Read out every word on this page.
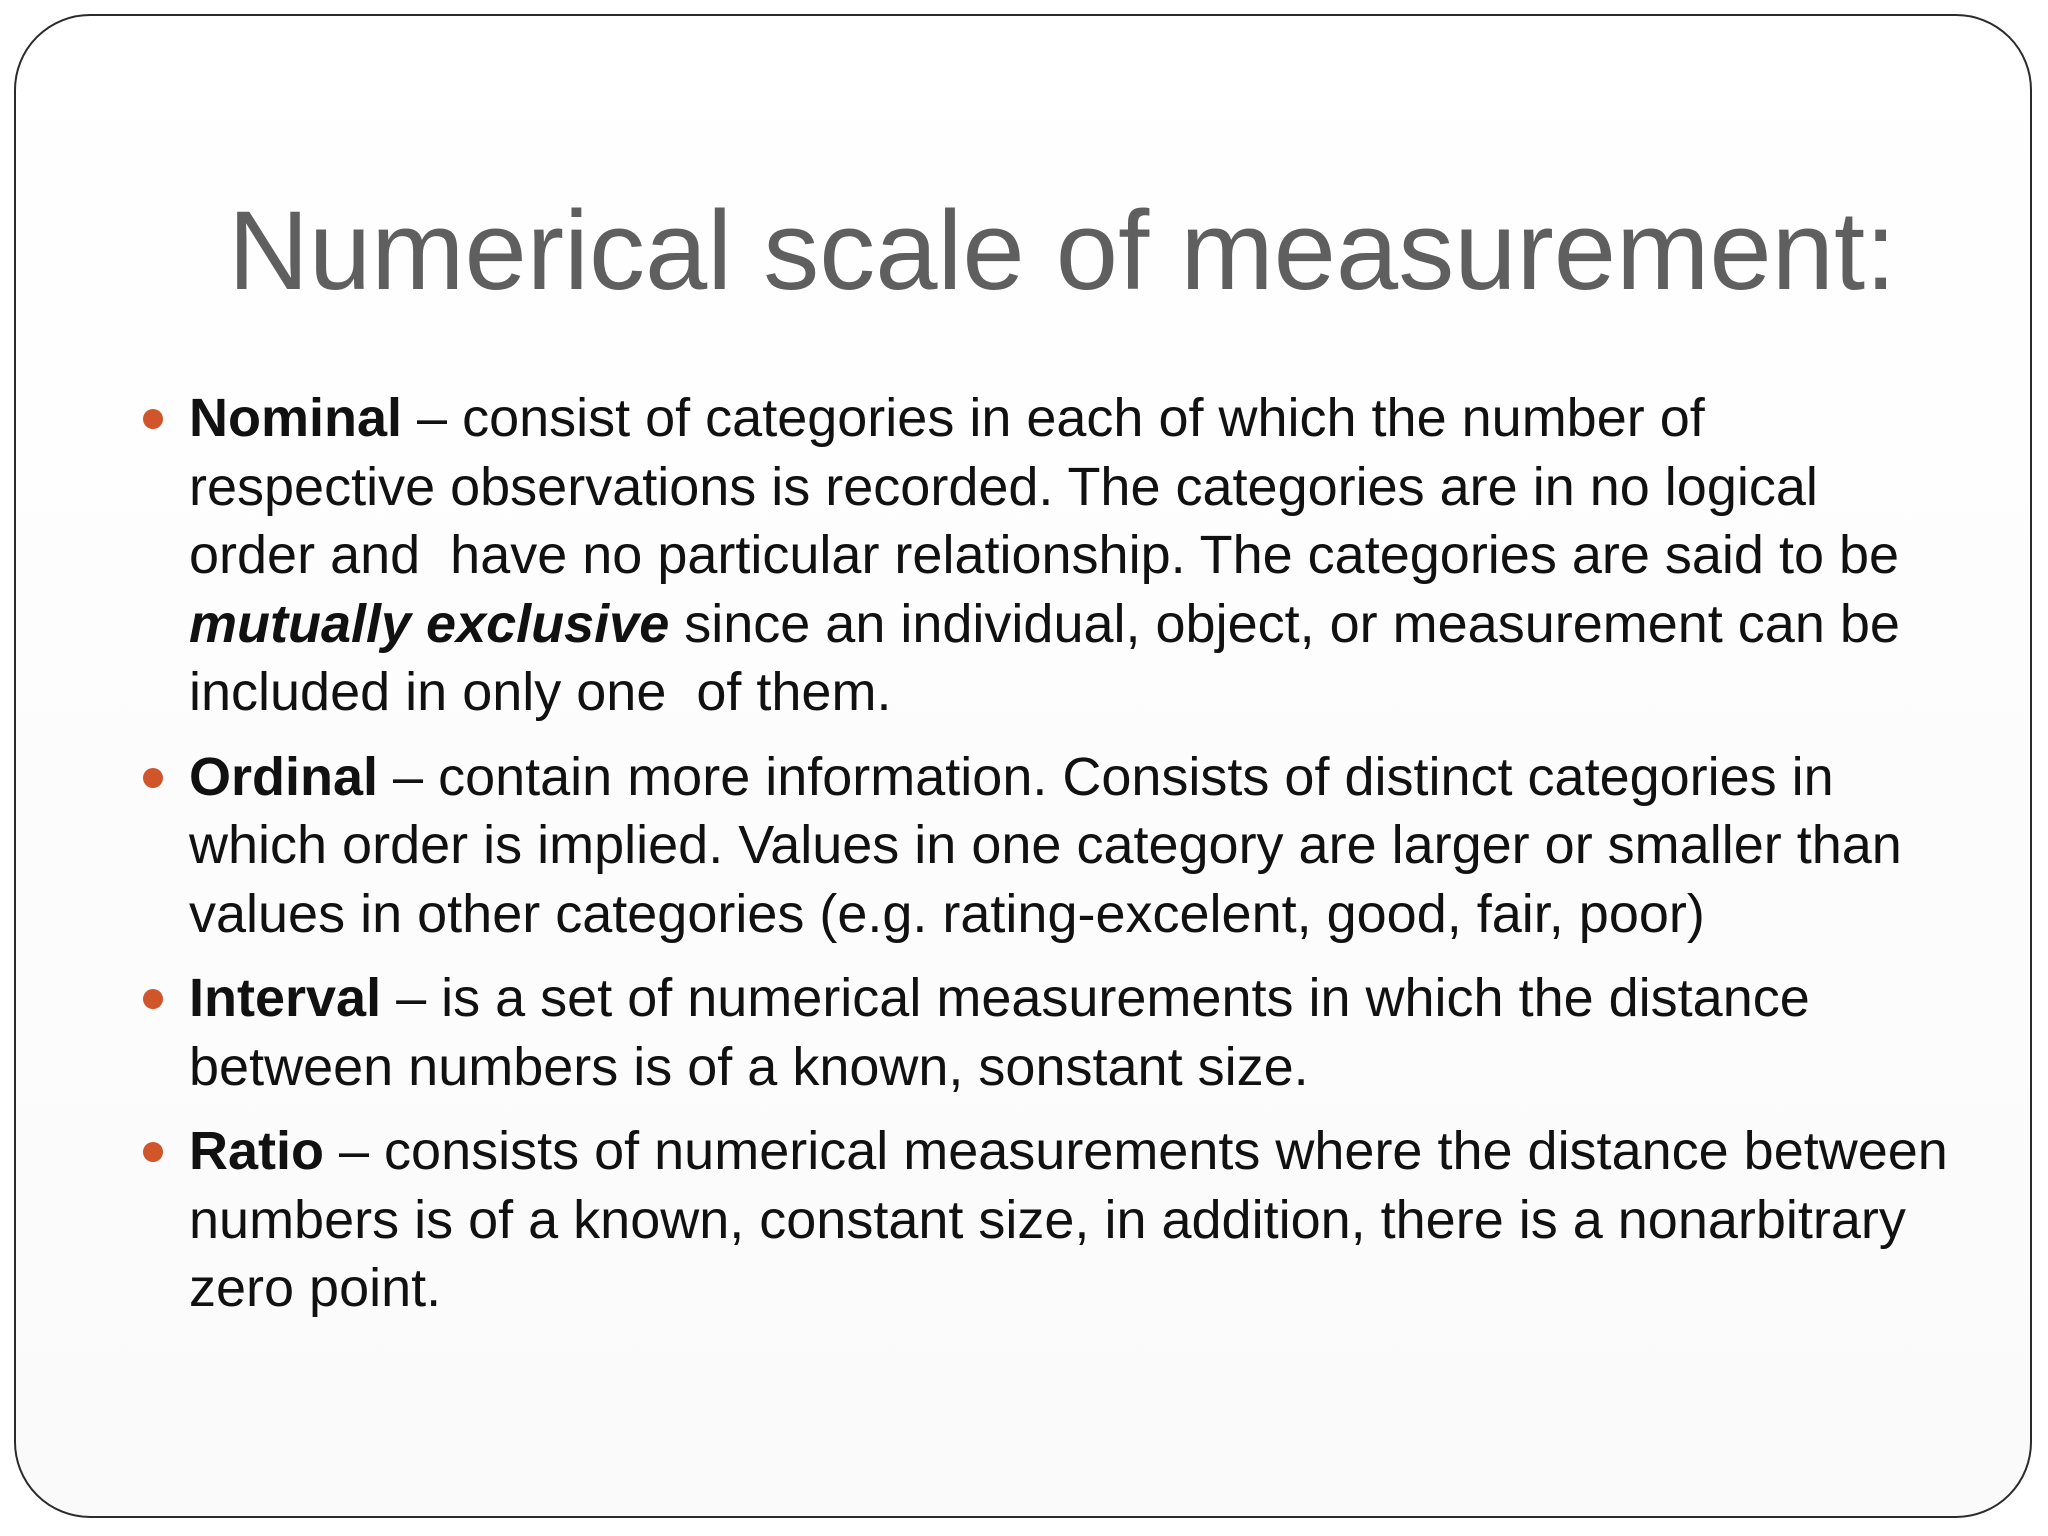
Numerical scale of measurement:
Nominal – consist of categories in each of which the number of respective observations is recorded. The categories are in no logical order and  have no particular relationship. The categories are said to be mutually exclusive since an individual, object, or measurement can be included in only one  of them.
Ordinal – contain more information. Consists of distinct categories in which order is implied. Values in one category are larger or smaller than values in other categories (e.g. rating-excelent, good, fair, poor)
Interval – is a set of numerical measurements in which the distance between numbers is of a known, sonstant size.
Ratio – consists of numerical measurements where the distance between numbers is of a known, constant size, in addition, there is a nonarbitrary zero point.
